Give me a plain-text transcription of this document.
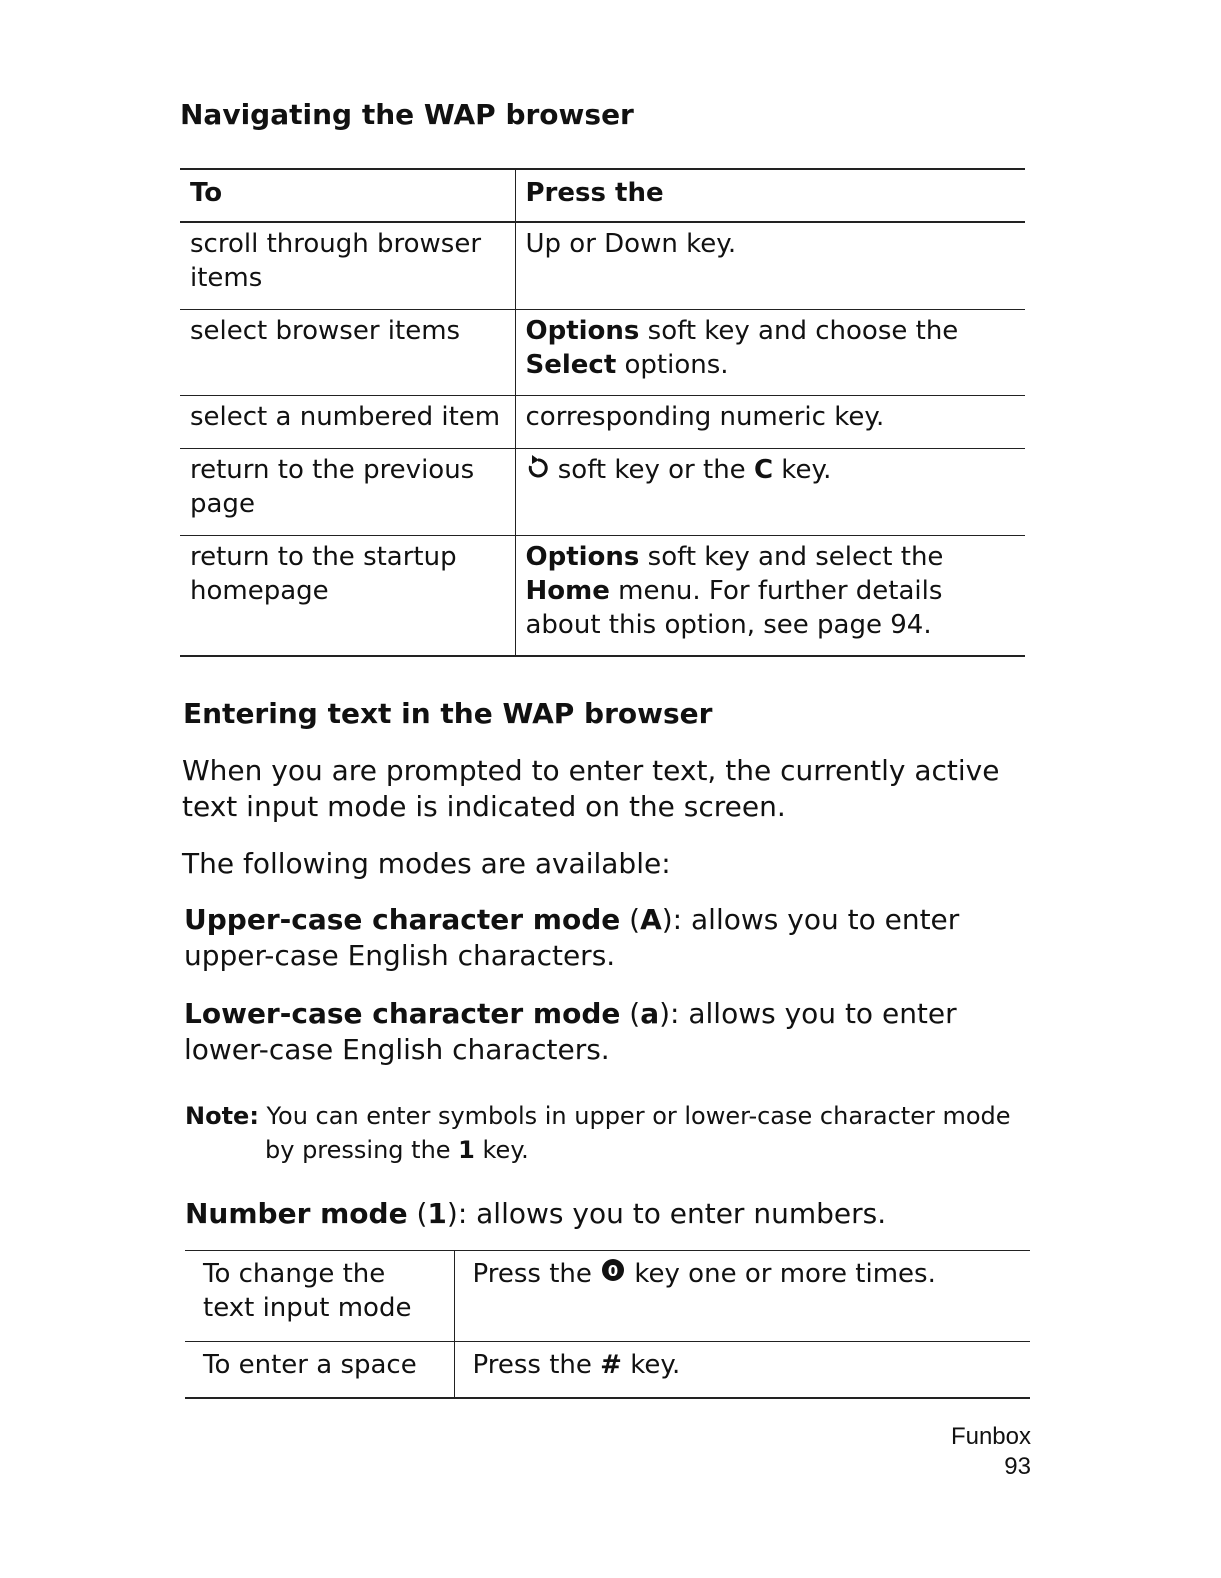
Navigating the WAP browser
To	Press the
scroll through browser items	Up or Down key.
select browser items	Options soft key and choose the Select options.
select a numbered item	corresponding numeric key.
return to the previous page	soft key or the C key.
return to the startup homepage	Options soft key and select the Home menu. For further details about this option, see page 94.
Entering text in the WAP browser

When you are prompted to enter text, the currently active text input mode is indicated on the screen.

The following modes are available:

Upper-case character mode (A): allows you to enter upper-case English characters.

Lower-case character mode (a): allows you to enter lower-case English characters.

Note: You can enter symbols in upper or lower-case character mode
by pressing the 1 key.

Number mode (1): allows you to enter numbers.

To change the text input mode	Press the 0 key one or more times.
To enter a space	Press the # key.
Funbox
93
